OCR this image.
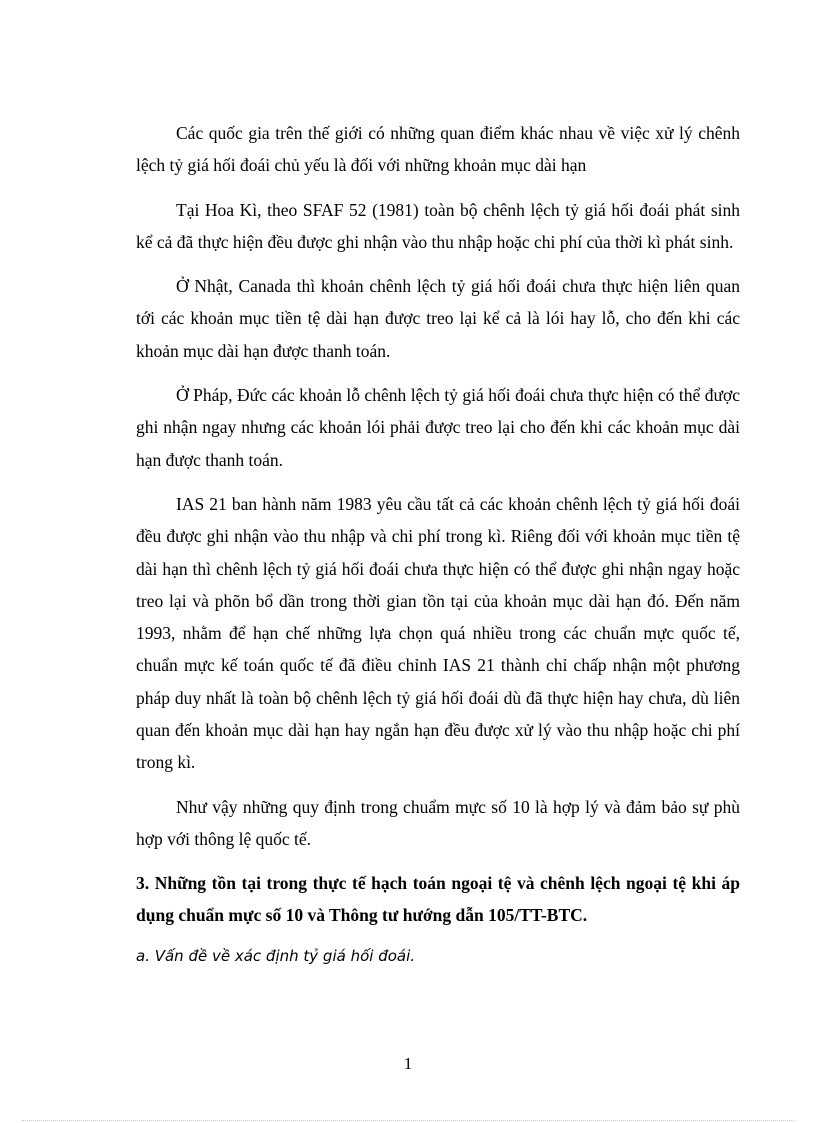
Các quốc gia trên thế giới có những quan điểm khác nhau về việc xử lý chênh lệch tỷ giá hối đoái chủ yếu là đối với những khoản mục dài hạn

Tại Hoa Kì, theo SFAF 52 (1981) toàn bộ chênh lệch tỷ giá hối đoái phát sinh kể cả đã thực hiện đều được ghi nhận vào thu nhập hoặc chi phí của thời kì phát sinh.

Ở Nhật, Canada thì khoản chênh lệch tỷ giá hối đoái chưa thực hiện liên quan tới các khoản mục tiền tệ dài hạn được treo lại kể cả là lói hay lỗ, cho đến khi các khoản mục dài hạn được thanh toán.

Ở Pháp, Đức các khoản lỗ chênh lệch tỷ giá hối đoái chưa thực hiện có thể được ghi nhận ngay nhưng các khoản lói phải được treo lại cho đến khi các khoản mục dài hạn được thanh toán.

IAS 21 ban hành năm 1983 yêu cầu tất cả các khoản chênh lệch tỷ giá hối đoái đều được ghi nhận vào thu nhập và chi phí trong kì. Riêng đối với khoản mục tiền tệ dài hạn thì chênh lệch tỷ giá hối đoái chưa thực hiện có thể được ghi nhận ngay hoặc treo lại và phõn bổ dần trong thời gian tồn tại của khoản mục dài hạn đó. Đến năm 1993, nhằm để hạn chế những lựa chọn quá nhiều trong các chuẩn mực quốc tế, chuẩn mực kế toán quốc tế đã điều chỉnh IAS 21 thành chỉ chấp nhận một phương pháp duy nhất là toàn bộ chênh lệch tỷ giá hối đoái dù đã thực hiện hay chưa, dù liên quan đến khoản mục dài hạn hay ngắn hạn đều được xử lý vào thu nhập hoặc chi phí trong kì.

Như vậy những quy định trong chuẩm mực số 10 là hợp lý và đảm bảo sự phù hợp với thông lệ quốc tế.

3. Những tồn tại trong thực tế hạch toán ngoại tệ và chênh lệch ngoại tệ khi áp dụng chuẩn mực số 10 và Thông tư hướng dẫn 105/TT-BTC.

a. Vấn đề về xác định tỷ giá hối đoái.

1
